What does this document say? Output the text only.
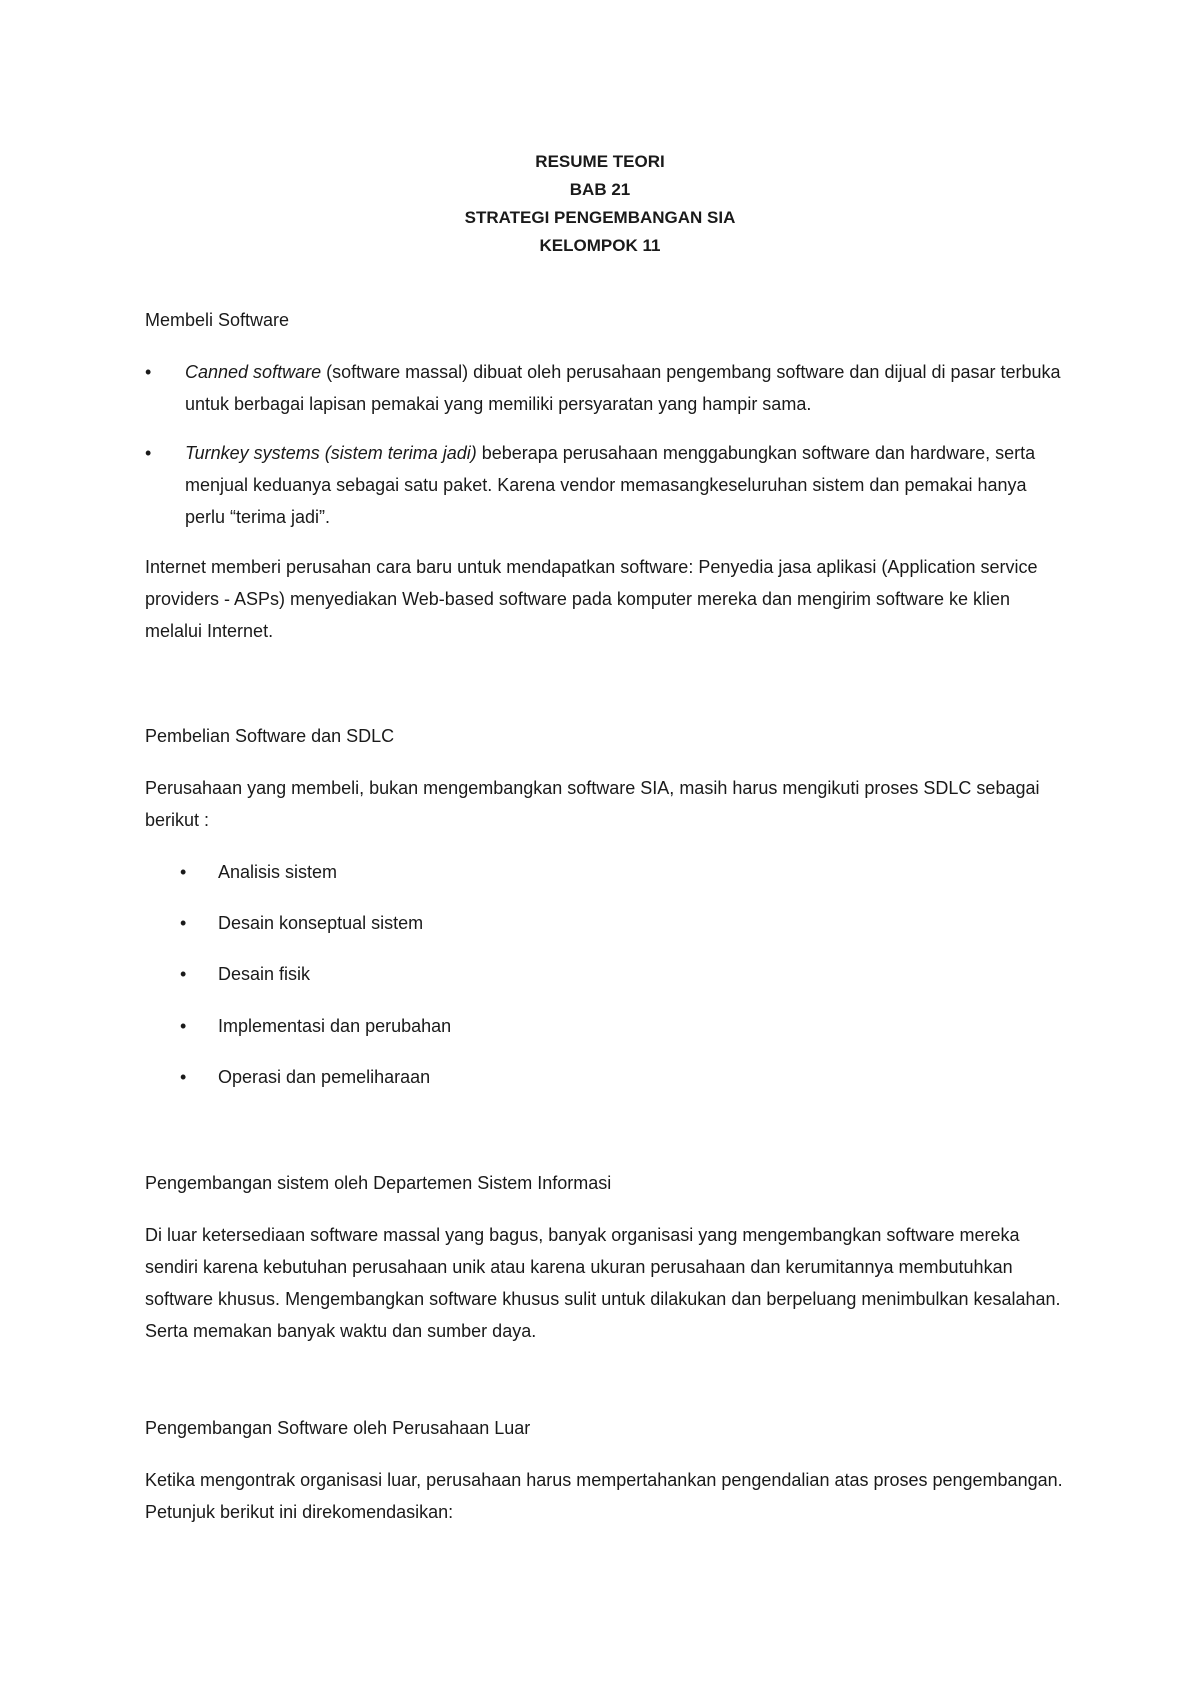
RESUME TEORI
BAB 21
STRATEGI PENGEMBANGAN SIA
KELOMPOK 11
Membeli Software
•	Canned software (software massal) dibuat oleh perusahaan pengembang software dan dijual di pasar terbuka untuk berbagai lapisan pemakai yang memiliki persyaratan yang hampir sama.
•	Turnkey systems (sistem terima jadi) beberapa perusahaan menggabungkan software dan hardware, serta menjual keduanya sebagai satu paket. Karena vendor memasangkeseluruhan sistem dan pemakai hanya perlu “terima jadi”.
Internet memberi perusahan cara baru untuk mendapatkan software: Penyedia jasa aplikasi (Application service providers - ASPs) menyediakan Web-based software pada komputer mereka dan mengirim software ke klien melalui Internet.
Pembelian Software dan SDLC
Perusahaan yang membeli, bukan mengembangkan software SIA, masih harus mengikuti proses SDLC sebagai berikut :
•	Analisis sistem
•	Desain konseptual sistem
•	Desain fisik
•	Implementasi dan perubahan
•	Operasi dan pemeliharaan
Pengembangan sistem oleh Departemen Sistem Informasi
Di luar ketersediaan software massal yang bagus, banyak organisasi yang mengembangkan software mereka sendiri karena kebutuhan perusahaan unik atau karena ukuran perusahaan dan kerumitannya membutuhkan software khusus. Mengembangkan software khusus sulit untuk dilakukan dan berpeluang menimbulkan kesalahan. Serta memakan banyak waktu dan sumber daya.
Pengembangan Software oleh Perusahaan Luar
Ketika mengontrak organisasi luar, perusahaan harus mempertahankan pengendalian atas proses pengembangan. Petunjuk berikut ini direkomendasikan:
